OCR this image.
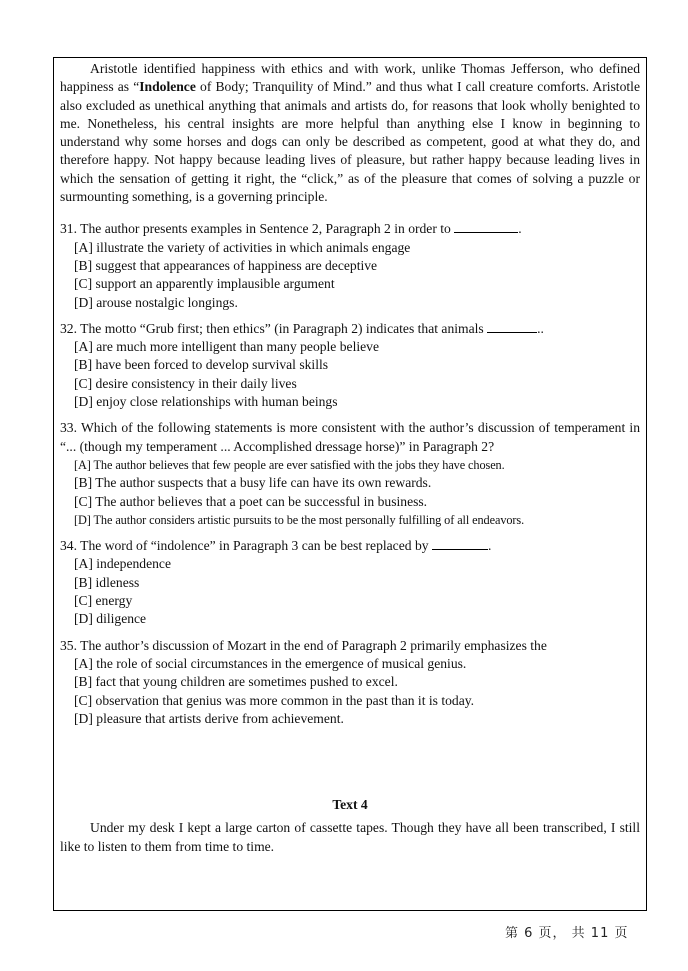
Aristotle identified happiness with ethics and with work, unlike Thomas Jefferson, who defined happiness as “Indolence of Body; Tranquility of Mind.” and thus what I call creature comforts. Aristotle also excluded as unethical anything that animals and artists do, for reasons that look wholly benighted to me. Nonetheless, his central insights are more helpful than anything else I know in beginning to understand why some horses and dogs can only be described as competent, good at what they do, and therefore happy. Not happy because leading lives of pleasure, but rather happy because leading lives in which the sensation of getting it right, the “click,” as of the pleasure that comes of solving a puzzle or surmounting something, is a governing principle.

31. The author presents examples in Sentence 2, Paragraph 2 in order to	.

[A] illustrate the variety of activities in which animals engage

[B] suggest that appearances of happiness are deceptive

[C] support an apparently implausible argument

[D] arouse nostalgic longings.

32. The motto “Grub first; then ethics” (in Paragraph 2) indicates that animals	..

[A] are much more intelligent than many people believe

[B] have been forced to develop survival skills

[C] desire consistency in their daily lives

[D] enjoy close relationships with human beings

33. Which of the following statements is more consistent with the author’s discussion of temperament in “... (though my temperament ... Accomplished dressage horse)” in Paragraph 2?

[A] The author believes that few people are ever satisfied with the jobs they have chosen.

[B] The author suspects that a busy life can have its own rewards.

[C] The author believes that a poet can be successful in business.

[D] The author considers artistic pursuits to be the most personally fulfilling of all endeavors.

34. The word of “indolence” in Paragraph 3 can be best replaced by	.

[A] independence

[B] idleness

[C] energy

[D] diligence

35. The author’s discussion of Mozart in the end of Paragraph 2 primarily emphasizes the

[A] the role of social circumstances in the emergence of musical genius.

[B] fact that young children are sometimes pushed to excel.

[C] observation that genius was more common in the past than it is today.

[D] pleasure that artists derive from achievement.

Text 4

Under my desk I kept a large carton of cassette tapes. Though they have all been transcribed, I still like to listen to them from time to time.

第 6 页， 共 11 页
